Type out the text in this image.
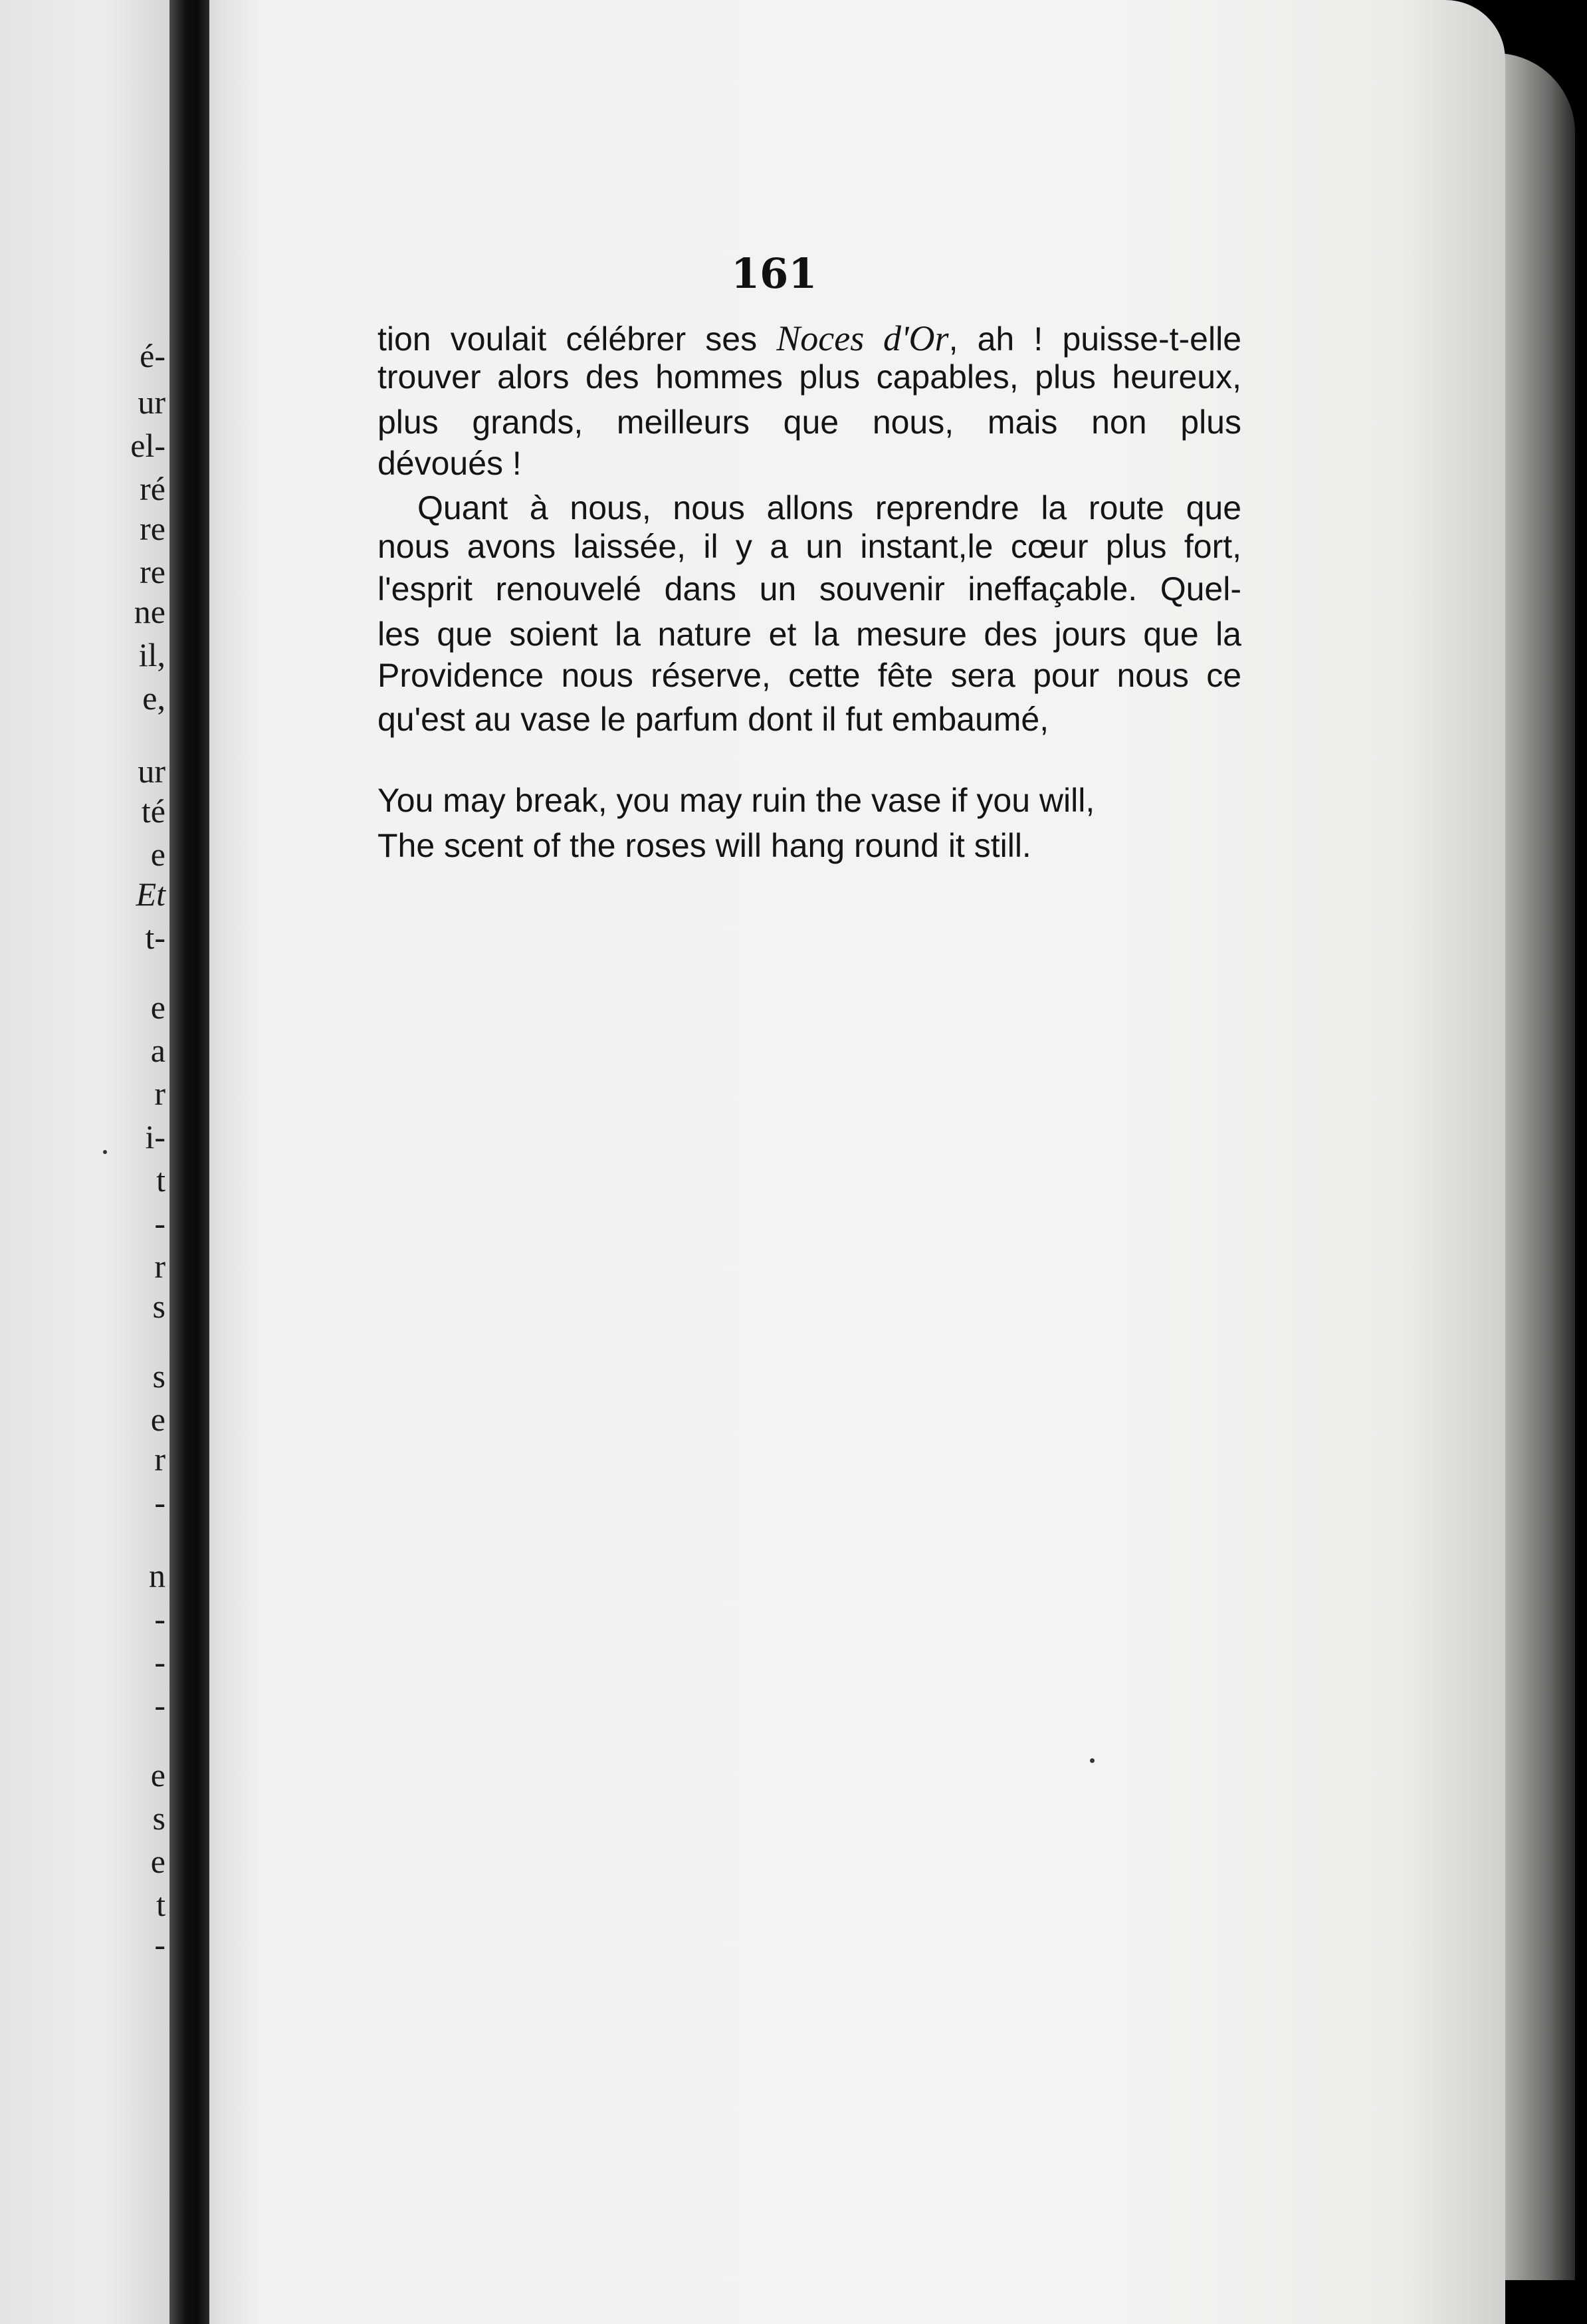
é-
ur
el-
ré
re
re
ne
il,
e,
ur
té
e
Et
t-
e
a
r
i-
t
-
r
s
s
e
r
-
n
-
-
-
e
s
e
t
-
161
tion voulait célébrer ses Noces d'Or, ah ! puisse-t-elle
trouver alors des hommes plus capables, plus heureux,
plus grands, meilleurs que nous, mais non plus
dévoués !
Quant à nous, nous allons reprendre la route que
nous avons laissée, il y a un instant,le cœur plus fort,
l'esprit renouvelé dans un souvenir ineffaçable. Quel-
les que soient la nature et la mesure des jours que la
Providence nous réserve, cette fête sera pour nous ce
qu'est au vase le parfum dont il fut embaumé,
You may break, you may ruin the vase if you will,
The scent of the roses will hang round it still.
